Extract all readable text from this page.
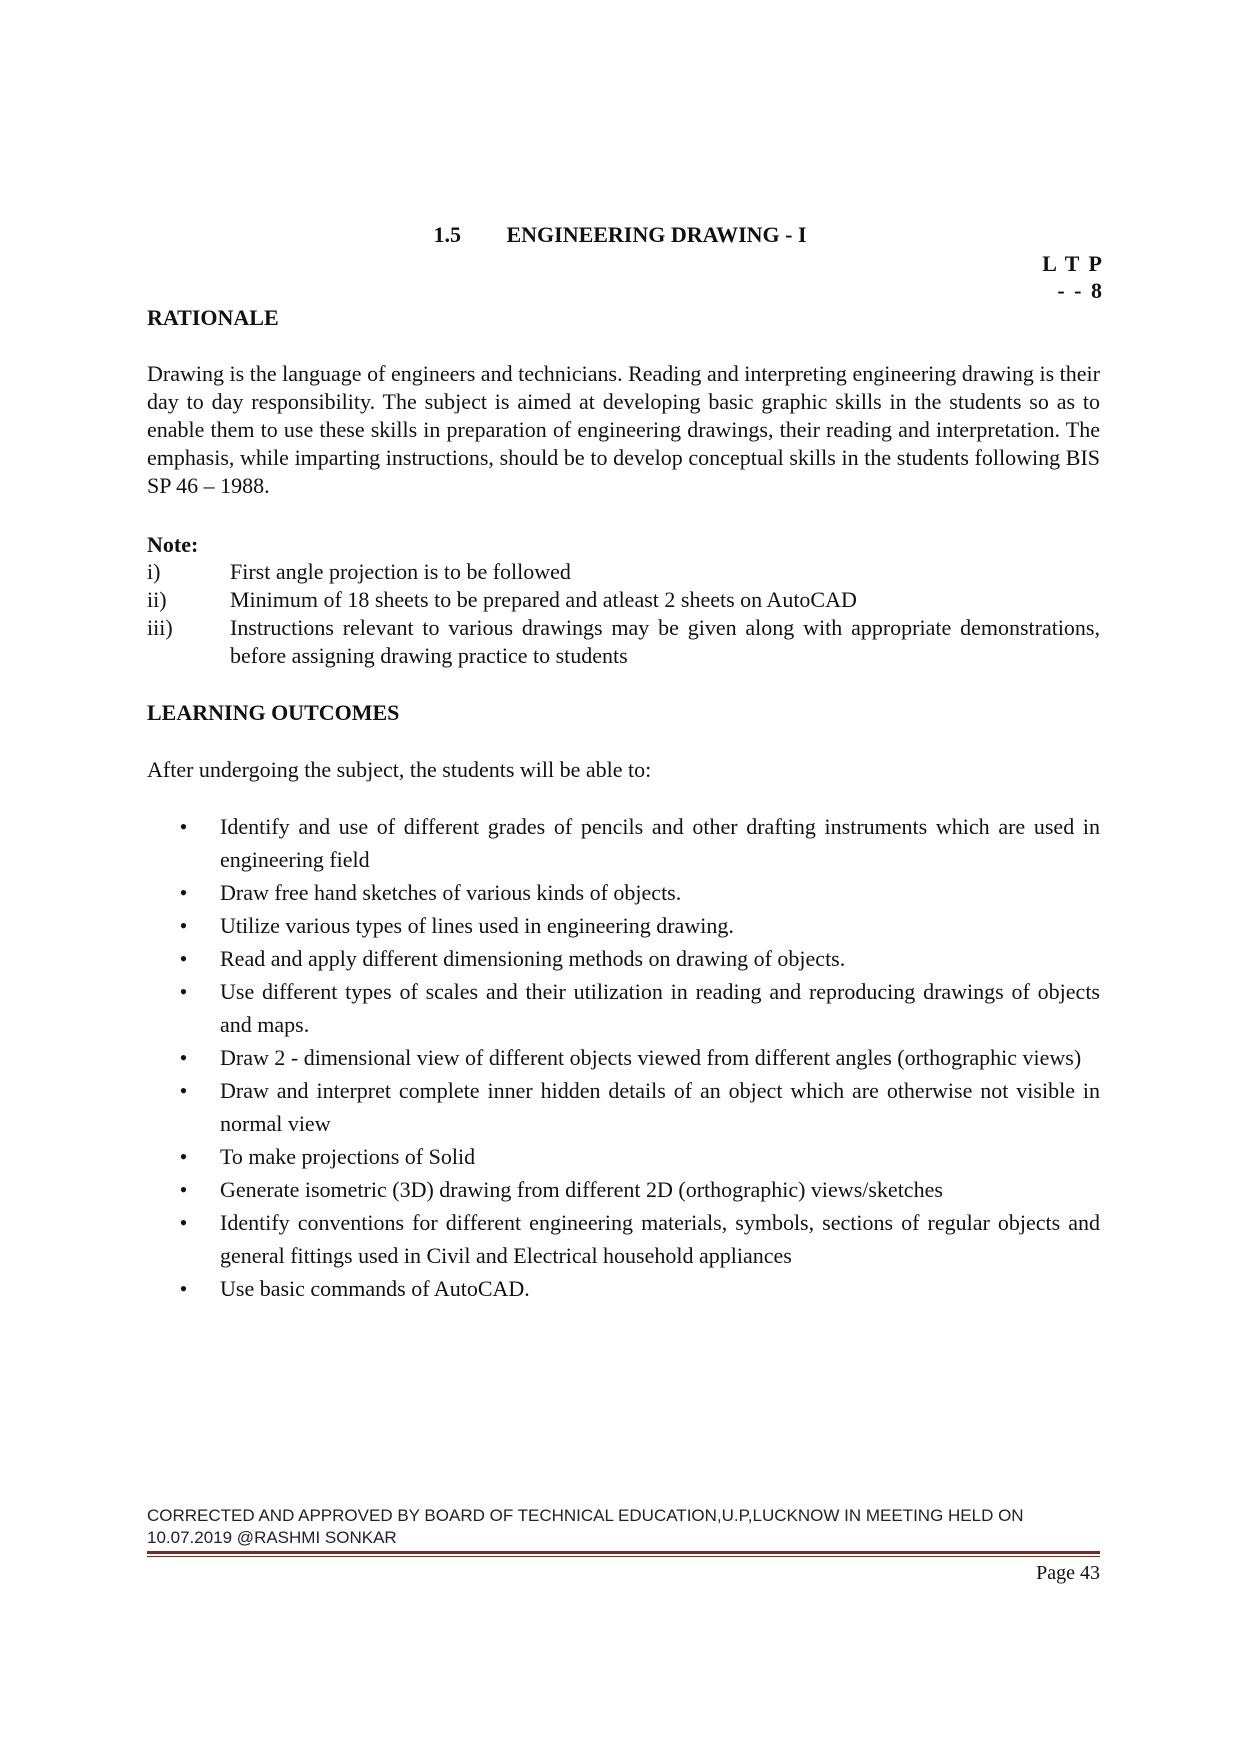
1.5 ENGINEERING DRAWING - I
L T P
- - 8
RATIONALE
Drawing is the language of engineers and technicians. Reading and interpreting engineering drawing is their day to day responsibility. The subject is aimed at developing basic graphic skills in the students so as to enable them to use these skills in preparation of engineering drawings, their reading and interpretation. The emphasis, while imparting instructions, should be to develop conceptual skills in the students following BIS SP 46 – 1988.
Note:
i)	First angle projection is to be followed
ii)	Minimum of 18 sheets to be prepared and atleast 2 sheets on AutoCAD
iii)	Instructions relevant to various drawings may be given along with appropriate demonstrations, before assigning drawing practice to students
LEARNING OUTCOMES
After undergoing the subject, the students will be able to:
•	Identify and use of different grades of pencils and other drafting instruments which are used in engineering field
•	Draw free hand sketches of various kinds of objects.
•	Utilize various types of lines used in engineering drawing.
•	Read and apply different dimensioning methods on drawing of objects.
•	Use different types of scales and their utilization in reading and reproducing drawings of objects and maps.
•	Draw 2 - dimensional view of different objects viewed from different angles (orthographic views)
•	Draw and interpret complete inner hidden details of an object which are otherwise not visible in normal view
•	To make projections of Solid
•	Generate isometric (3D) drawing from different 2D (orthographic) views/sketches
•	Identify conventions for different engineering materials, symbols, sections of regular objects and general fittings used in Civil and Electrical household appliances
•	Use basic commands of AutoCAD.
CORRECTED AND APPROVED BY BOARD OF TECHNICAL EDUCATION,U.P,LUCKNOW IN MEETING HELD ON
10.07.2019 @RASHMI SONKAR
Page 43
